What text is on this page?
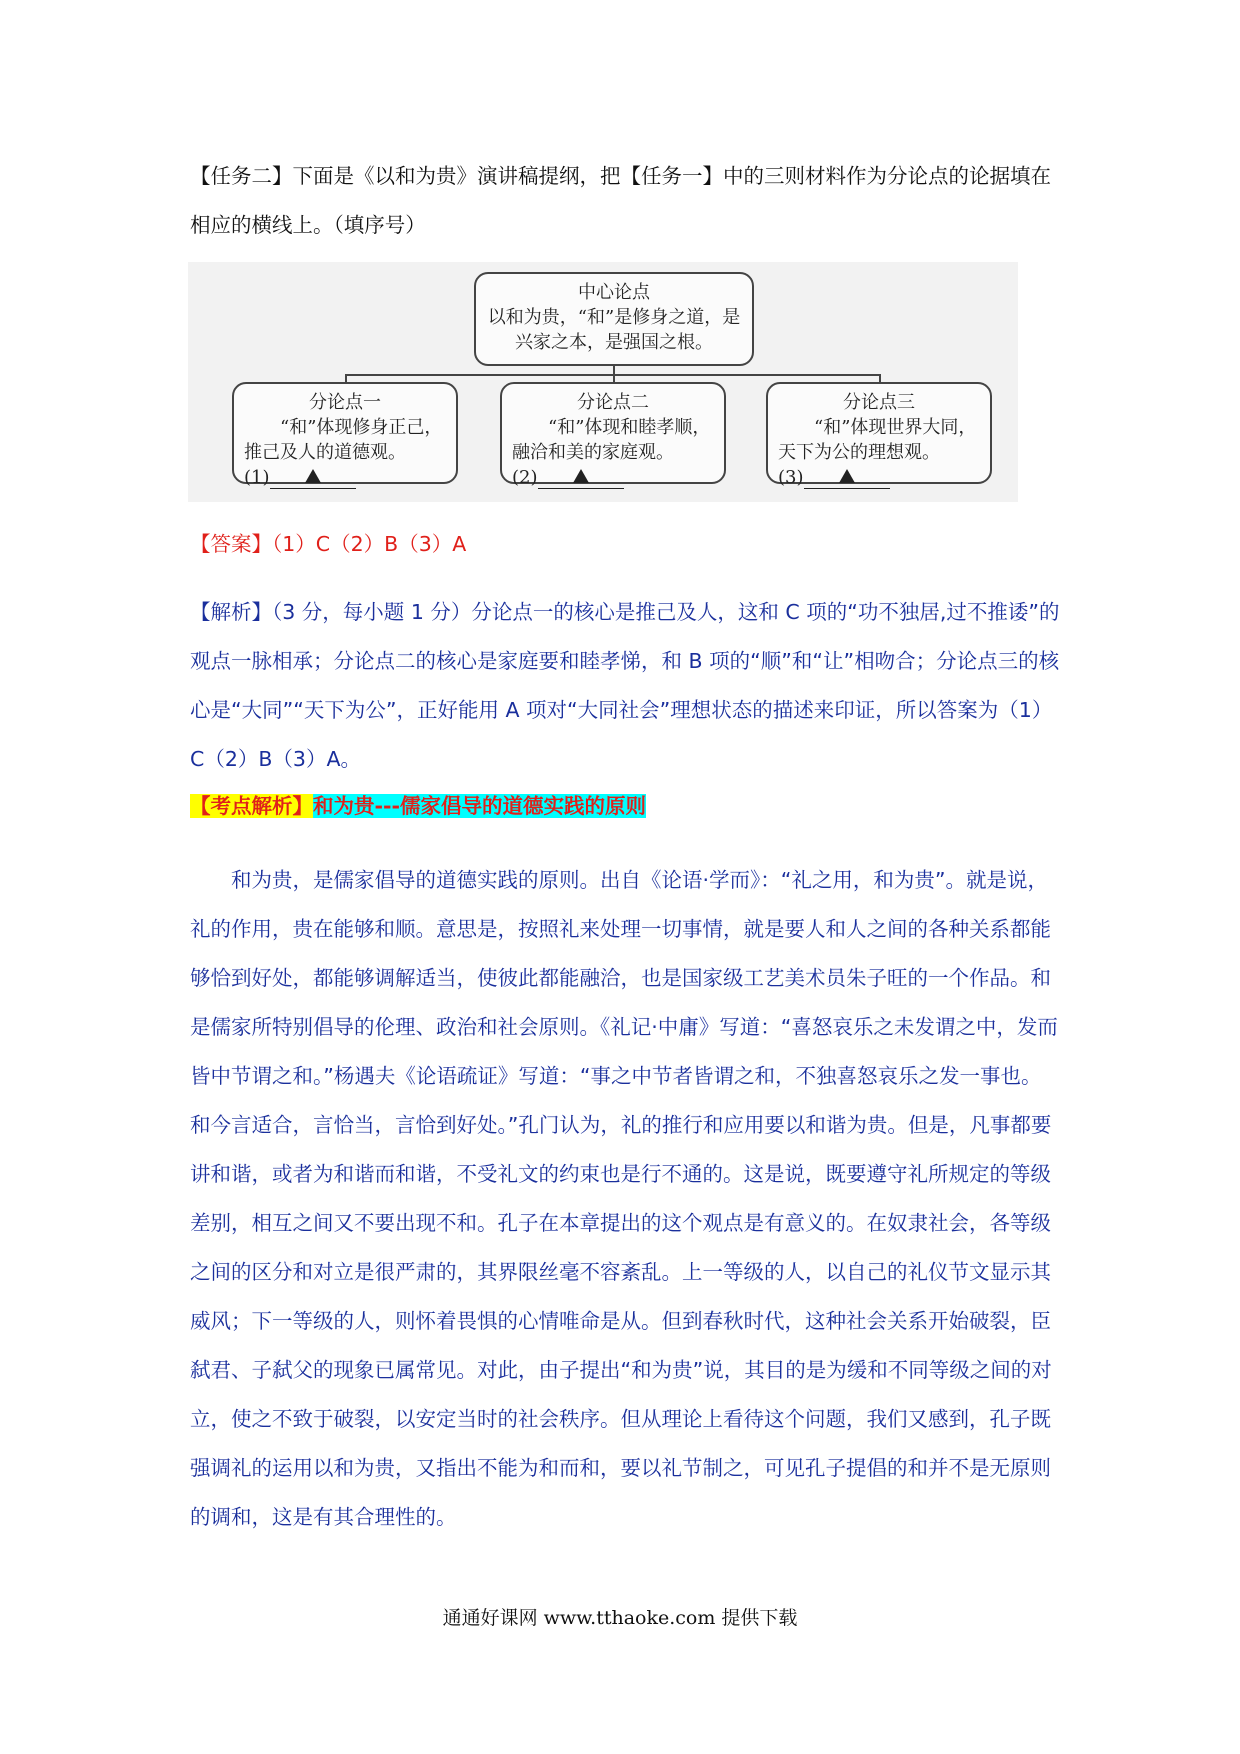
【任务二】下面是《以和为贵》演讲稿提纲，把【任务一】中的三则材料作为分论点的论据填在相应的横线上。（填序号）

中心论点
以和为贵，“和”是修身之道，是兴家之本，是强国之根。
分论点一
“和”体现修身正己，推己及人的道德观。
(1)
分论点二
“和”体现和睦孝顺，融洽和美的家庭观。
(2)
分论点三
“和”体现世界大同，天下为公的理想观。
(3)

【答案】（1）C（2）B（3）A

【解析】（3 分，每小题 1 分）分论点一的核心是推己及人，这和 C 项的“功不独居,过不推诿”的观点一脉相承；分论点二的核心是家庭要和睦孝悌，和 B 项的“顺”和“让”相吻合；分论点三的核心是“大同”“天下为公”，正好能用 A 项对“大同社会”理想状态的描述来印证，所以答案为（1）C（2）B（3）A。

【考点解析】和为贵---儒家倡导的道德实践的原则

和为贵，是儒家倡导的道德实践的原则。出自《论语·学而》：“礼之用，和为贵”。就是说，礼的作用，贵在能够和顺。意思是，按照礼来处理一切事情，就是要人和人之间的各种关系都能够恰到好处，都能够调解适当，使彼此都能融洽，也是国家级工艺美术员朱子旺的一个作品。和是儒家所特别倡导的伦理、政治和社会原则。《礼记·中庸》写道：“喜怒哀乐之未发谓之中，发而皆中节谓之和。”杨遇夫《论语疏证》写道：“事之中节者皆谓之和，不独喜怒哀乐之发一事也。和今言适合，言恰当，言恰到好处。”孔门认为，礼的推行和应用要以和谐为贵。但是，凡事都要讲和谐，或者为和谐而和谐，不受礼文的约束也是行不通的。这是说，既要遵守礼所规定的等级差别，相互之间又不要出现不和。孔子在本章提出的这个观点是有意义的。在奴隶社会，各等级之间的区分和对立是很严肃的，其界限丝毫不容紊乱。上一等级的人，以自己的礼仪节文显示其威风；下一等级的人，则怀着畏惧的心情唯命是从。但到春秋时代，这种社会关系开始破裂，臣弑君、子弑父的现象已属常见。对此，由子提出“和为贵”说，其目的是为缓和不同等级之间的对立，使之不致于破裂，以安定当时的社会秩序。但从理论上看待这个问题，我们又感到，孔子既强调礼的运用以和为贵，又指出不能为和而和，要以礼节制之，可见孔子提倡的和并不是无原则的调和，这是有其合理性的。

通通好课网 www.tthaoke.com 提供下载
